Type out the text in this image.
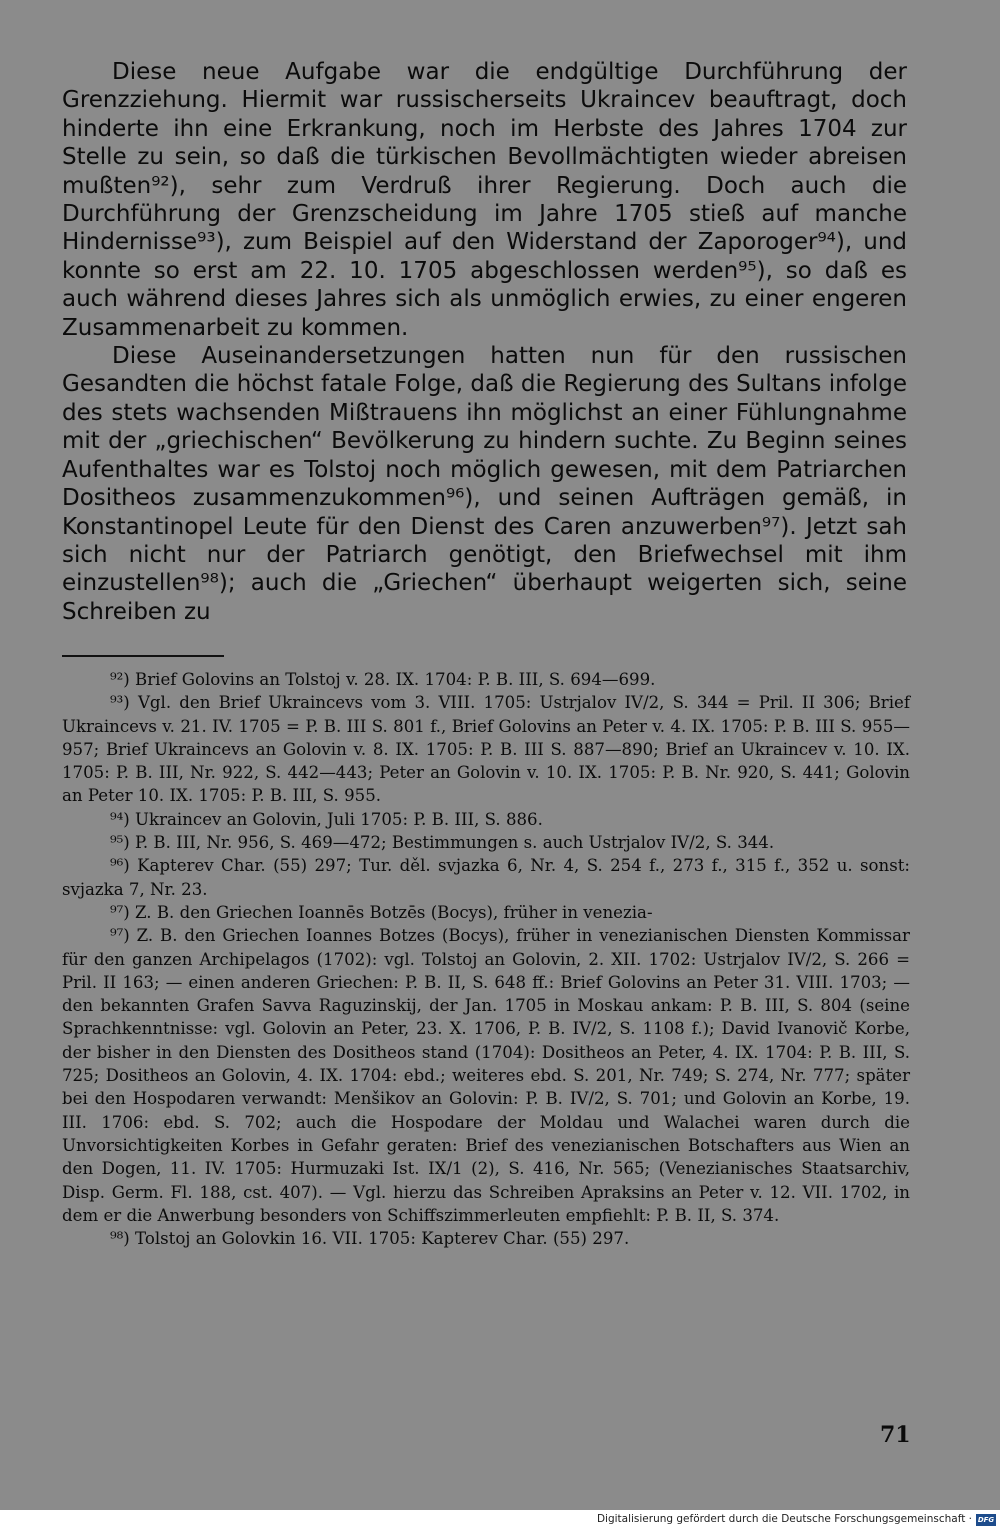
Diese neue Aufgabe war die endgültige Durchführung der Grenzziehung. Hiermit war russischerseits Ukraincev beauftragt, doch hinderte ihn eine Erkrankung, noch im Herbste des Jahres 1704 zur Stelle zu sein, so daß die türkischen Bevollmächtigten wieder abreisen mußten⁹²), sehr zum Verdruß ihrer Regierung. Doch auch die Durchführung der Grenzscheidung im Jahre 1705 stieß auf manche Hindernisse⁹³), zum Beispiel auf den Widerstand der Zaporoger⁹⁴), und konnte so erst am 22. 10. 1705 abgeschlossen werden⁹⁵), so daß es auch während dieses Jahres sich als unmöglich erwies, zu einer engeren Zusammenarbeit zu kommen.

Diese Auseinandersetzungen hatten nun für den russischen Gesandten die höchst fatale Folge, daß die Regierung des Sultans infolge des stets wachsenden Mißtrauens ihn möglichst an einer Fühlungnahme mit der „griechischen“ Bevölkerung zu hindern suchte. Zu Beginn seines Aufenthaltes war es Tolstoj noch möglich gewesen, mit dem Patriarchen Dositheos zusammenzukommen⁹⁶), und seinen Aufträgen gemäß, in Konstantinopel Leute für den Dienst des Caren anzuwerben⁹⁷). Jetzt sah sich nicht nur der Patriarch genötigt, den Briefwechsel mit ihm einzustellen⁹⁸); auch die „Griechen“ überhaupt weigerten sich, seine Schreiben zu

⁹²) Brief Golovins an Tolstoj v. 28. IX. 1704: P. B. III, S. 694—699.

⁹³) Vgl. den Brief Ukraincevs vom 3. VIII. 1705: Ustrjalov IV/2, S. 344 = Pril. II 306; Brief Ukraincevs v. 21. IV. 1705 = P. B. III S. 801 f., Brief Golovins an Peter v. 4. IX. 1705: P. B. III S. 955—957; Brief Ukraincevs an Golovin v. 8. IX. 1705: P. B. III S. 887—890; Brief an Ukraincev v. 10. IX. 1705: P. B. III, Nr. 922, S. 442—443; Peter an Golovin v. 10. IX. 1705: P. B. Nr. 920, S. 441; Golovin an Peter 10. IX. 1705: P. B. III, S. 955.

⁹⁴) Ukraincev an Golovin, Juli 1705: P. B. III, S. 886.

⁹⁵) P. B. III, Nr. 956, S. 469—472; Bestimmungen s. auch Ustrjalov IV/2, S. 344.

⁹⁶) Kapterev Char. (55) 297; Tur. děl. svjazka 6, Nr. 4, S. 254 f., 273 f., 315 f., 352 u. sonst: svjazka 7, Nr. 23.

⁹⁷) Z. B. den Griechen Ioannēs Botzēs (Bocys), früher in venezia-

⁹⁷) Z. B. den Griechen Ioannes Botzes (Bocys), früher in venezianischen Diensten Kommissar für den ganzen Archipelagos (1702): vgl. Tolstoj an Golovin, 2. XII. 1702: Ustrjalov IV/2, S. 266 = Pril. II 163; — einen anderen Griechen: P. B. II, S. 648 ff.: Brief Golovins an Peter 31. VIII. 1703; — den bekannten Grafen Savva Raguzinskij, der Jan. 1705 in Moskau ankam: P. B. III, S. 804 (seine Sprachkenntnisse: vgl. Golovin an Peter, 23. X. 1706, P. B. IV/2, S. 1108 f.); David Ivanovič Korbe, der bisher in den Diensten des Dositheos stand (1704): Dositheos an Peter, 4. IX. 1704: P. B. III, S. 725; Dositheos an Golovin, 4. IX. 1704: ebd.; weiteres ebd. S. 201, Nr. 749; S. 274, Nr. 777; später bei den Hospodaren verwandt: Menšikov an Golovin: P. B. IV/2, S. 701; und Golovin an Korbe, 19. III. 1706: ebd. S. 702; auch die Hospodare der Moldau und Walachei waren durch die Unvorsichtigkeiten Korbes in Gefahr geraten: Brief des venezianischen Botschafters aus Wien an den Dogen, 11. IV. 1705: Hurmuzaki Ist. IX/1 (2), S. 416, Nr. 565; (Venezianisches Staatsarchiv, Disp. Germ. Fl. 188, cst. 407). — Vgl. hierzu das Schreiben Apraksins an Peter v. 12. VII. 1702, in dem er die Anwerbung besonders von Schiffszimmerleuten empfiehlt: P. B. II, S. 374.

⁹⁸) Tolstoj an Golovkin 16. VII. 1705: Kapterev Char. (55) 297.

71
Digitalisierung gefördert durch die Deutsche Forschungsgemeinschaft · DFG
